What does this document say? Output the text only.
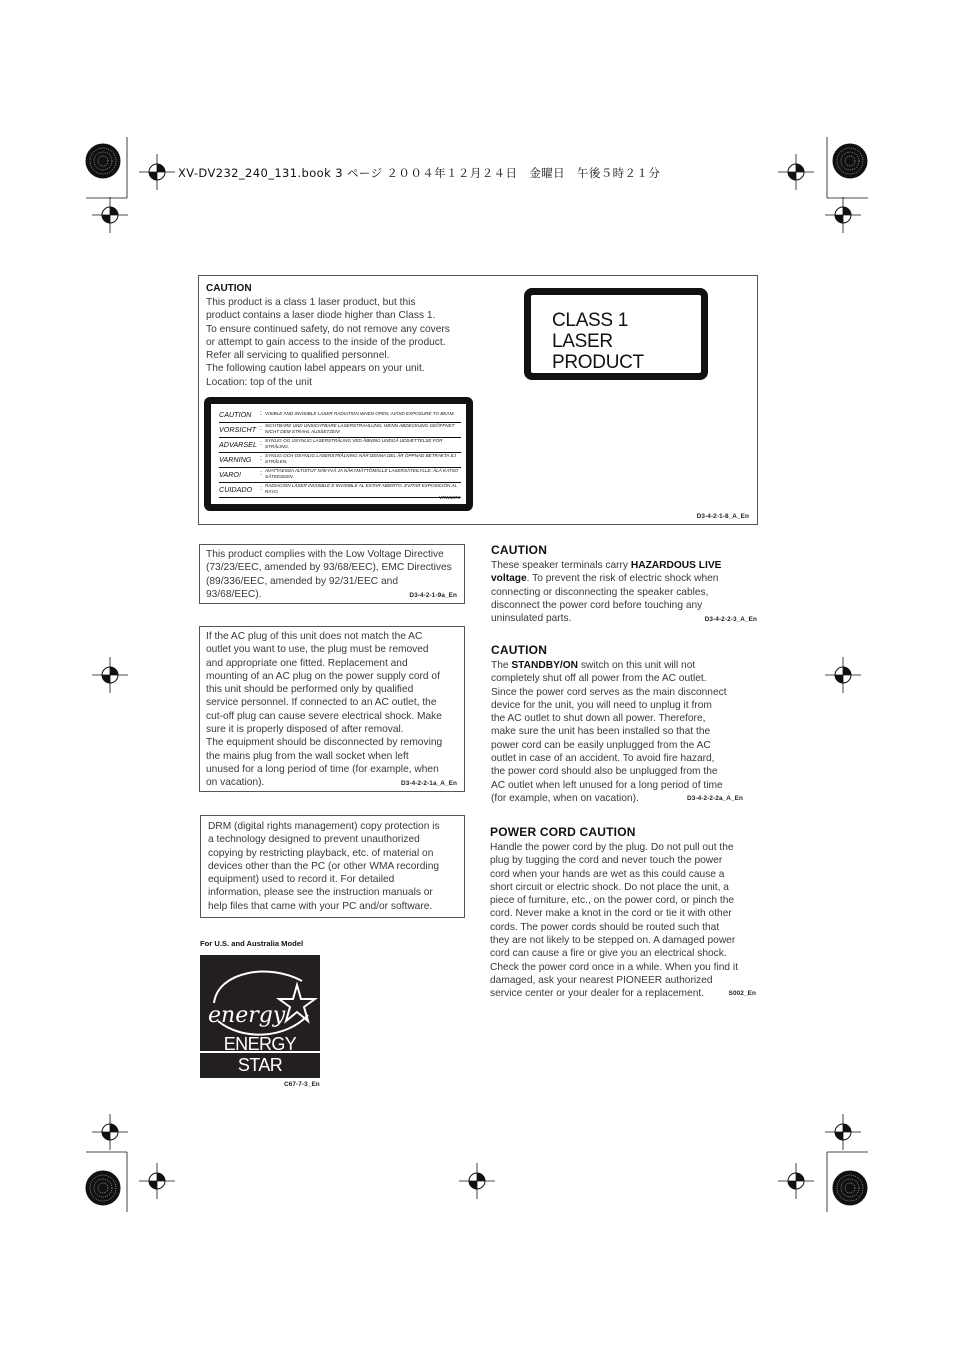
XV-DV232_240_131.book 3 ページ ２００４年１２月２４日　金曜日　午後５時２１分
CAUTION
This product is a class 1 laser product, but this
product contains a laser diode higher than Class 1.
To ensure continued safety, do not remove any covers
or attempt to gain access to the inside of the product.
Refer all servicing to qualified personnel.
The following caution label appears on your unit.
Location: top of the unit
D3-4-2-1-8_A_En
CLASS 1
LASER PRODUCT
CAUTION : VISIBLE AND INVISIBLE LASER RADIATION WHEN OPEN. AVOID EXPOSURE TO BEAM.
VORSICHT : SICHTBARE UND UNSICHTBARE LASERSTRAHLUNG, WENN ABDECKUNG GEÖFFNET NICHT DEM STRAHL AUSSETZEN!
ADVARSEL : SYNLIG OG USYNLIG LASERSTRÅLING VED ÅBNING UNDGÅ UDSÆTTELSE FOR STRÅLING.
VARNING : SYNLIG OCH OSYNLIG LASERSTRÅLNING NÄR DENNA DEL ÄR ÖPPNAD BETRAKTA EJ STRÅLEN.
VARO!	: AVATTAESSA ALTISTUT NÄKYVÄ JA NÄKYMÄTTÖMÄLLE LASERSÄTEILYLLE. ÄLÄ KATSO SÄTEESEEN.
CUIDADO : RADIACIÓN LÁSER INVISIBLE E INVISIBLE AL ESTAR ABIERTO. EVITAR EXPOSICIÓN AL RAYO.
VRW1872
This product complies with the Low Voltage Directive
(73/23/EEC, amended by 93/68/EEC), EMC Directives
(89/336/EEC, amended by 92/31/EEC and
93/68/EEC).	D3-4-2-1-9a_En
If the AC plug of this unit does not match the AC
outlet you want to use, the plug must be removed
and appropriate one fitted. Replacement and
mounting of an AC plug on the power supply cord of
this unit should be performed only by qualified
service personnel. If connected to an AC outlet, the
cut-off plug can cause severe electrical shock. Make
sure it is properly disposed of after removal.
The equipment should be disconnected by removing
the mains plug from the wall socket when left
unused for a long period of time (for example, when
on vacation).	D3-4-2-2-1a_A_En
DRM (digital rights management) copy protection is
a technology designed to prevent unauthorized
copying by restricting playback, etc. of material on
devices other than the PC (or other WMA recording
equipment) used to record it. For detailed
information, please see the instruction manuals or
help files that came with your PC and/or software.
For U.S. and Australia Model
energy
ENERGY STAR
C67-7-3_En
CAUTION
These speaker terminals carry HAZARDOUS LIVE
voltage. To prevent the risk of electric shock when
connecting or disconnecting the speaker cables,
disconnect the power cord before touching any
uninsulated parts.	D3-4-2-2-3_A_En
CAUTION
The STANDBY/ON switch on this unit will not
completely shut off all power from the AC outlet.
Since the power cord serves as the main disconnect
device for the unit, you will need to unplug it from
the AC outlet to shut down all power. Therefore,
make sure the unit has been installed so that the
power cord can be easily unplugged from the AC
outlet in case of an accident. To avoid fire hazard,
the power cord should also be unplugged from the
AC outlet when left unused for a long period of time
(for example, when on vacation).	D3-4-2-2-2a_A_En
POWER CORD CAUTION
Handle the power cord by the plug. Do not pull out the
plug by tugging the cord and never touch the power
cord when your hands are wet as this could cause a
short circuit or electric shock. Do not place the unit, a
piece of furniture, etc., on the power cord, or pinch the
cord. Never make a knot in the cord or tie it with other
cords. The power cords should be routed such that
they are not likely to be stepped on. A damaged power
cord can cause a fire or give you an electrical shock.
Check the power cord once in a while. When you find it
damaged, ask your nearest PIONEER authorized
service center or your dealer for a replacement.	S002_En
